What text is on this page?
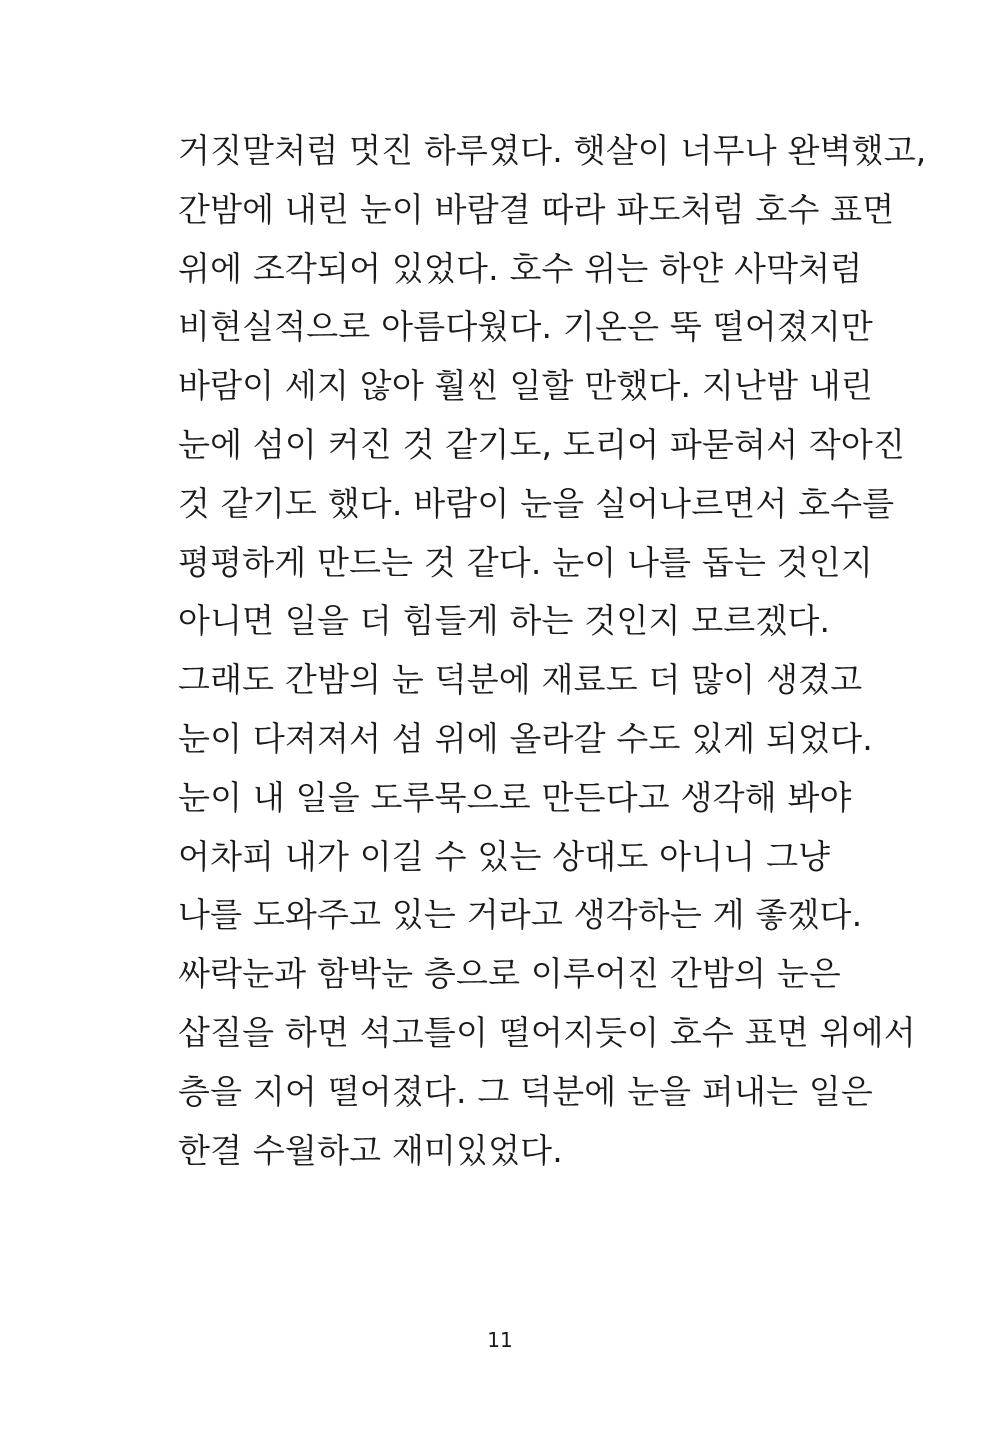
거짓말처럼 멋진 하루였다. 햇살이 너무나 완벽했고,
간밤에 내린 눈이 바람결 따라 파도처럼 호수 표면
위에 조각되어 있었다. 호수 위는 하얀 사막처럼
비현실적으로 아름다웠다. 기온은 뚝 떨어졌지만
바람이 세지 않아 훨씬 일할 만했다. 지난밤 내린
눈에 섬이 커진 것 같기도, 도리어 파묻혀서 작아진
것 같기도 했다. 바람이 눈을 실어나르면서 호수를
평평하게 만드는 것 같다. 눈이 나를 돕는 것인지
아니면 일을 더 힘들게 하는 것인지 모르겠다.
그래도 간밤의 눈 덕분에 재료도 더 많이 생겼고
눈이 다져져서 섬 위에 올라갈 수도 있게 되었다.
눈이 내 일을 도루묵으로 만든다고 생각해 봐야
어차피 내가 이길 수 있는 상대도 아니니 그냥
나를 도와주고 있는 거라고 생각하는 게 좋겠다.
싸락눈과 함박눈 층으로 이루어진 간밤의 눈은
삽질을 하면 석고틀이 떨어지듯이 호수 표면 위에서
층을 지어 떨어졌다. 그 덕분에 눈을 퍼내는 일은
한결 수월하고 재미있었다.
11
